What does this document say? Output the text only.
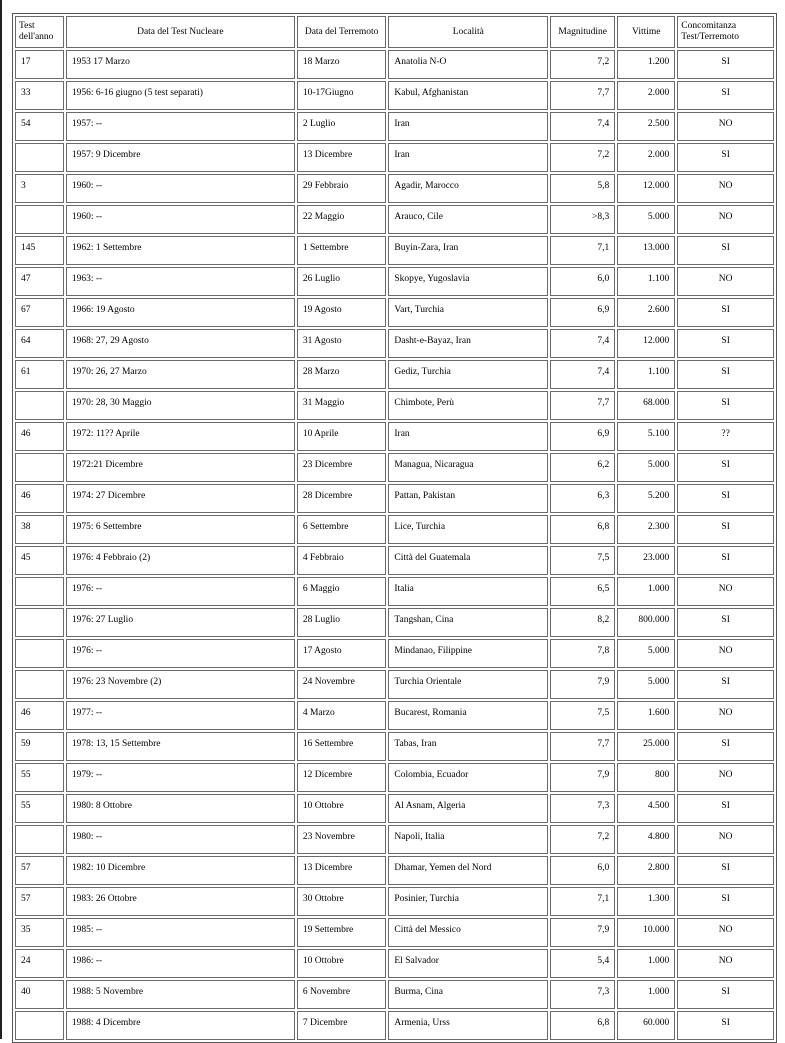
Test dell'anno	Data del Test Nucleare	Data del Terremoto	Località	Magnitudine	Vittime	Concomitanza Test/Terremoto
17	1953 17 Marzo	18 Marzo	Anatolia N-O	7,2	1.200	SI
33	1956: 6-16 giugno (5 test separati)	10-17Giugno	Kabul, Afghanistan	7,7	2.000	SI
54	1957: --	2 Luglio	Iran	7,4	2.500	NO
	1957: 9 Dicembre	13 Dicembre	Iran	7,2	2.000	SI
3	1960: --	29 Febbraio	Agadir, Marocco	5,8	12.000	NO
	1960: --	22 Maggio	Arauco, Cile	>8,3	5.000	NO
145	1962: 1 Settembre	1 Settembre	Buyin-Zara, Iran	7,1	13.000	SI
47	1963: --	26 Luglio	Skopye, Yugoslavia	6,0	1.100	NO
67	1966: 19 Agosto	19 Agosto	Vart, Turchia	6,9	2.600	SI
64	1968: 27, 29 Agosto	31 Agosto	Dasht-e-Bayaz, Iran	7,4	12.000	SI
61	1970: 26, 27 Marzo	28 Marzo	Gediz, Turchia	7,4	1.100	SI
	1970: 28, 30 Maggio	31 Maggio	Chimbote, Perù	7,7	68.000	SI
46	1972: 11?? Aprile	10 Aprile	Iran	6,9	5.100	??
	1972:21 Dicembre	23 Dicembre	Managua, Nicaragua	6,2	5.000	SI
46	1974: 27 Dicembre	28 Dicembre	Pattan, Pakistan	6,3	5.200	SI
38	1975: 6 Settembre	6 Settembre	Lice, Turchia	6,8	2.300	SI
45	1976: 4 Febbraio (2)	4 Febbraio	Città del Guatemala	7,5	23.000	SI
	1976: --	6 Maggio	Italia	6,5	1.000	NO
	1976: 27 Luglio	28 Luglio	Tangshan, Cina	8,2	800.000	SI
	1976: --	17 Agosto	Mindanao, Filippine	7,8	5.000	NO
	1976: 23 Novembre (2)	24 Novembre	Turchia Orientale	7,9	5.000	SI
46	1977: --	4 Marzo	Bucarest, Romania	7,5	1.600	NO
59	1978: 13, 15 Settembre	16 Settembre	Tabas, Iran	7,7	25.000	SI
55	1979: --	12 Dicembre	Colombia, Ecuador	7,9	800	NO
55	1980: 8 Ottobre	10 Ottobre	Al Asnam, Algeria	7,3	4.500	SI
	1980: --	23 Novembre	Napoli, Italia	7,2	4.800	NO
57	1982: 10 Dicembre	13 Dicembre	Dhamar, Yemen del Nord	6,0	2.800	SI
57	1983: 26 Ottobre	30 Ottobre	Posinier, Turchia	7,1	1.300	SI
35	1985: --	19 Settembre	Città del Messico	7,9	10.000	NO
24	1986: --	10 Ottobre	El Salvador	5,4	1.000	NO
40	1988: 5 Novembre	6 Novembre	Burma, Cina	7,3	1.000	SI
	1988: 4 Dicembre	7 Dicembre	Armenia, Urss	6,8	60.000	SI
